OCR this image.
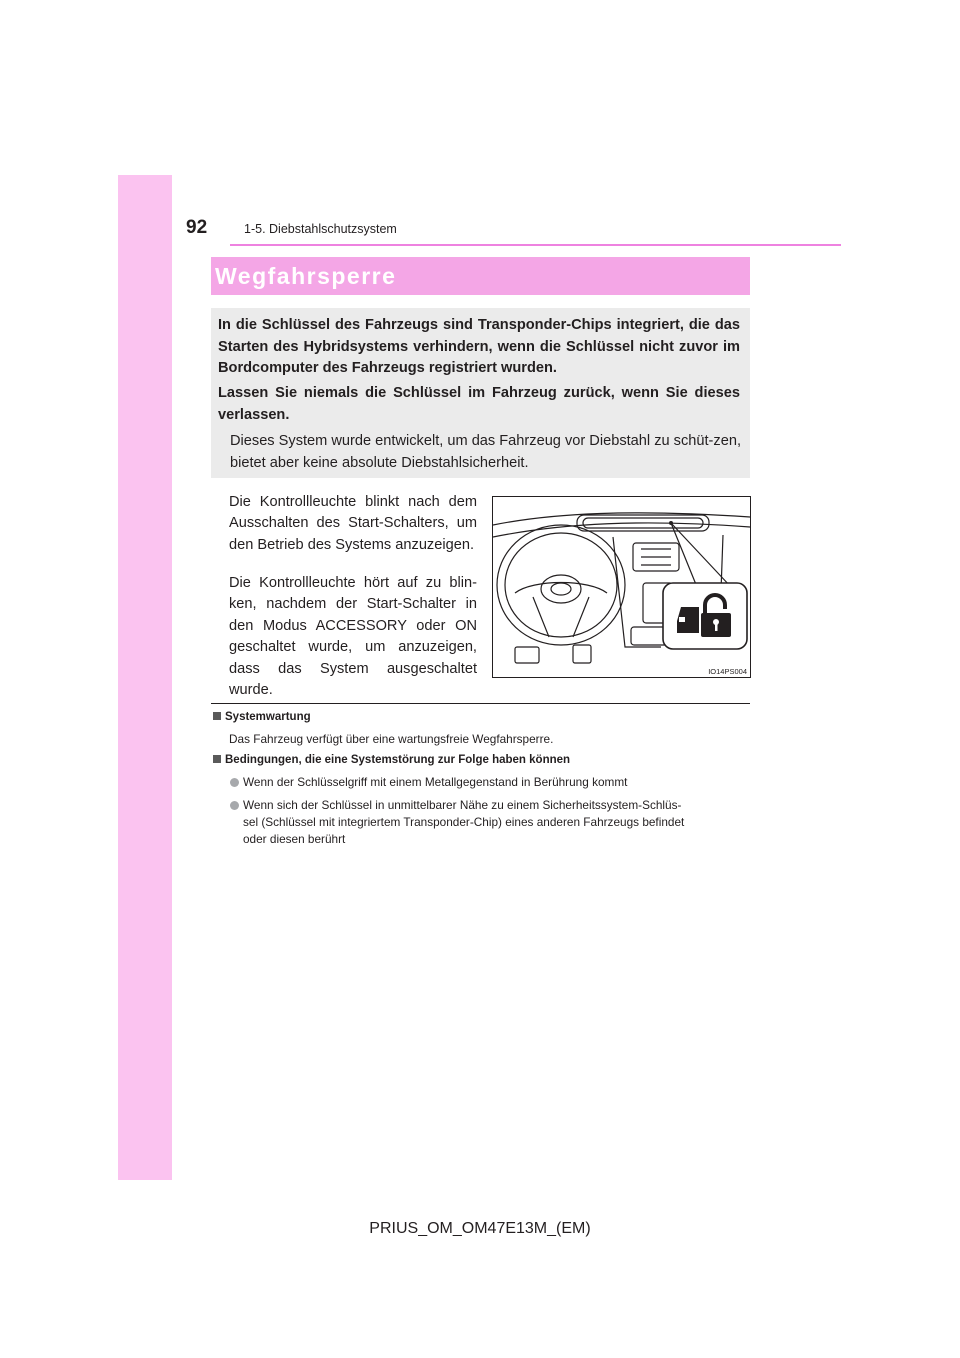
92	1-5. Diebstahlschutzsystem
Wegfahrsperre

In die Schlüssel des Fahrzeugs sind Transponder-Chips integriert, die das Starten des Hybridsystems verhindern, wenn die Schlüssel nicht zuvor im Bordcomputer des Fahrzeugs registriert wurden.

Lassen Sie niemals die Schlüssel im Fahrzeug zurück, wenn Sie dieses verlassen.

Dieses System wurde entwickelt, um das Fahrzeug vor Diebstahl zu schüt-zen, bietet aber keine absolute Diebstahlsicherheit.

Die Kontrollleuchte blinkt nach dem Ausschalten des Start-Schalters, um den Betrieb des Systems anzuzeigen.

Die Kontrollleuchte hört auf zu blin-ken, nachdem der Start-Schalter in den Modus ACCESSORY oder ON geschaltet wurde, um anzuzeigen, dass das System ausgeschaltet wurde.

IO14PS004
Systemwartung

Das Fahrzeug verfügt über eine wartungsfreie Wegfahrsperre.

Bedingungen, die eine Systemstörung zur Folge haben können

Wenn der Schlüsselgriff mit einem Metallgegenstand in Berührung kommt

Wenn sich der Schlüssel in unmittelbarer Nähe zu einem Sicherheitssystem-Schlüs-

sel (Schlüssel mit integriertem Transponder-Chip) eines anderen Fahrzeugs befindet

oder diesen berührt

PRIUS_OM_OM47E13M_(EM)
